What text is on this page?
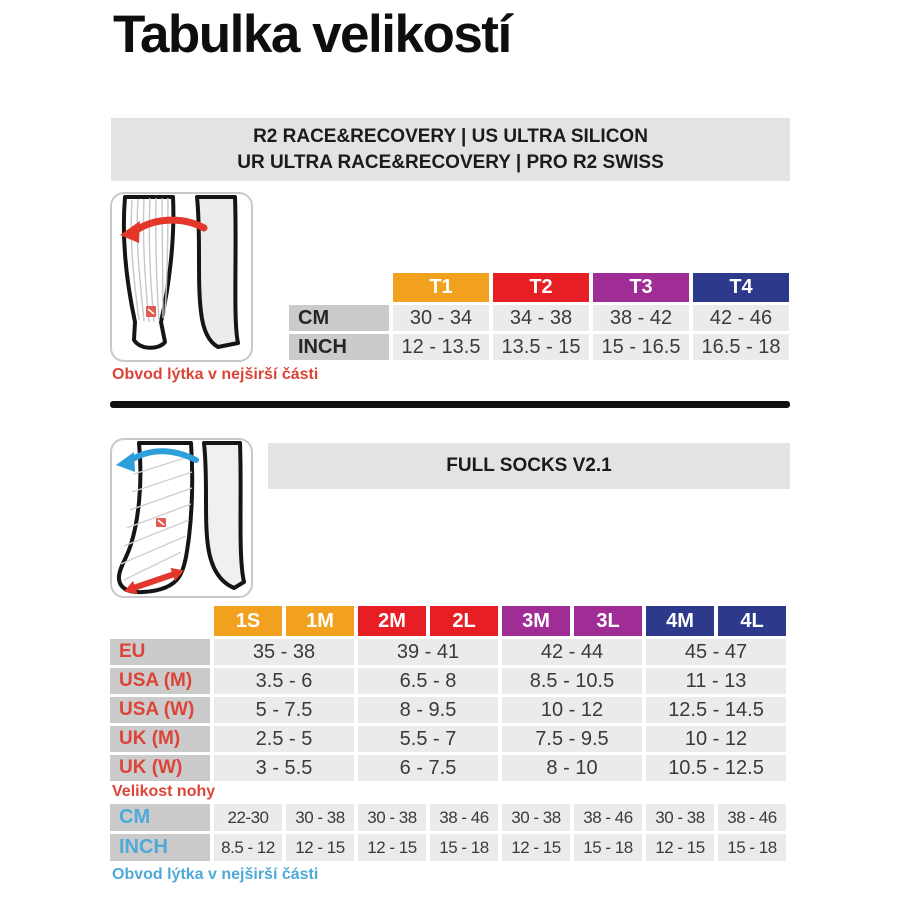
Tabulka velikostí
R2 RACE&RECOVERY | US ULTRA SILICON
UR ULTRA RACE&RECOVERY | PRO R2 SWISS
T1	T2	T3	T4
CM	30 - 34	34 - 38	38 - 42	42 - 46
INCH	12 - 13.5	13.5 - 15	15 - 16.5	16.5 - 18
Obvod lýtka v nejširší části
FULL SOCKS V2.1
1S	1M	2M	2L	3M	3L	4M	4L
EU	35 - 38	39 - 41	42 - 44	45 - 47
USA (M)	3.5 - 6	6.5 - 8	8.5 - 10.5	11 - 13
USA (W)	5 - 7.5	8 - 9.5	10 - 12	12.5 - 14.5
UK (M)	2.5 - 5	5.5 - 7	7.5 - 9.5	10 - 12
UK (W)	3 - 5.5	6 - 7.5	8 - 10	10.5 - 12.5
Velikost nohy
CM	22-30	30 - 38	30 - 38	38 - 46	30 - 38	38 - 46	30 - 38	38 - 46
INCH	8.5 - 12	12 - 15	12 - 15	15 - 18	12 - 15	15 - 18	12 - 15	15 - 18
Obvod lýtka v nejširší části
